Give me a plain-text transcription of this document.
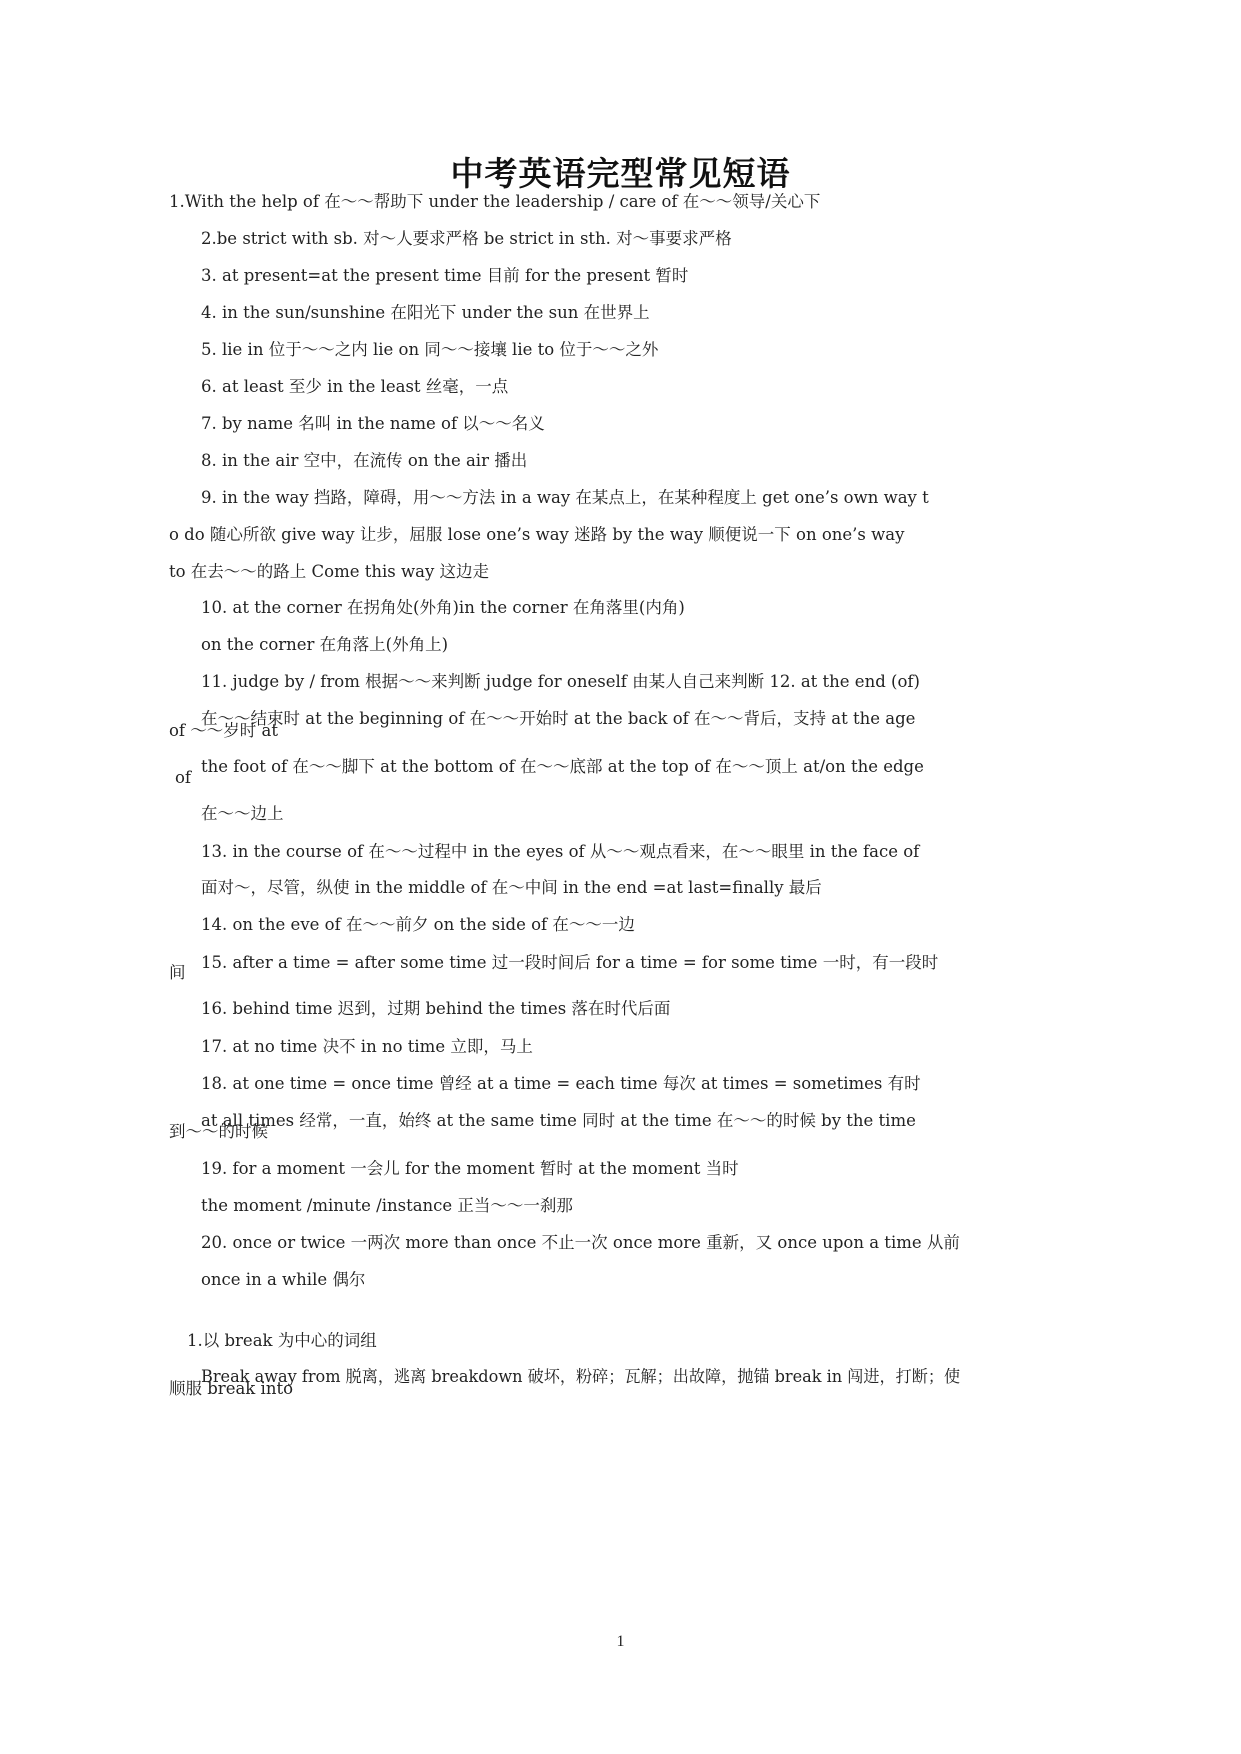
中考英语完型常见短语
1.With the help of 在～～帮助下 under the leadership / care of 在～～领导/关心下
2.be strict with sb. 对～人要求严格 be strict in sth. 对～事要求严格
3. at present=at the present time 目前 for the present 暂时
4. in the sun/sunshine 在阳光下 under the sun 在世界上
5. lie in 位于～～之内 lie on 同～～接壤 lie to 位于～～之外
6. at least 至少 in the least 丝毫，一点
7. by name 名叫 in the name of 以～～名义
8. in the air 空中，在流传 on the air 播出
9. in the way 挡路，障碍，用～～方法 in a way 在某点上，在某种程度上 get one’s own way t
o do 随心所欲 give way 让步，屈服 lose one’s way 迷路 by the way 顺便说一下 on one’s way
to 在去～～的路上 Come this way 这边走
10. at the corner 在拐角处(外角)in the corner 在角落里(内角)
on the corner 在角落上(外角上)
11. judge by / from 根据～～来判断 judge for oneself 由某人自己来判断 12. at the end (of)
在～～结束时 at the beginning of 在～～开始时 at the back of 在～～背后，支持 at the age
of ～～岁时 at
the foot of 在～～脚下 at the bottom of 在～～底部 at the top of 在～～顶上 at/on the edge
of
在～～边上
13. in the course of 在～～过程中 in the eyes of 从～～观点看来，在～～眼里 in the face of
面对～，尽管，纵使 in the middle of 在～中间 in the end =at last=finally 最后
14. on the eve of 在～～前夕 on the side of 在～～一边
15. after a time = after some time 过一段时间后 for a time = for some time 一时，有一段时
间
16. behind time 迟到，过期 behind the times 落在时代后面
17. at no time 决不 in no time 立即，马上
18. at one time = once time 曾经 at a time = each time 每次 at times = sometimes 有时
at all times 经常，一直，始终 at the same time 同时 at the time 在～～的时候 by the time
到～～的时候
19. for a moment 一会儿 for the moment 暂时 at the moment 当时
the moment /minute /instance 正当～～一刹那
20. once or twice 一两次 more than once 不止一次 once more 重新，又 once upon a time 从前
once in a while 偶尔
1.以 break 为中心的词组
Break away from 脱离，逃离 breakdown 破坏，粉碎；瓦解；出故障，抛锚 break in 闯进，打断；使
顺服 break into
1
